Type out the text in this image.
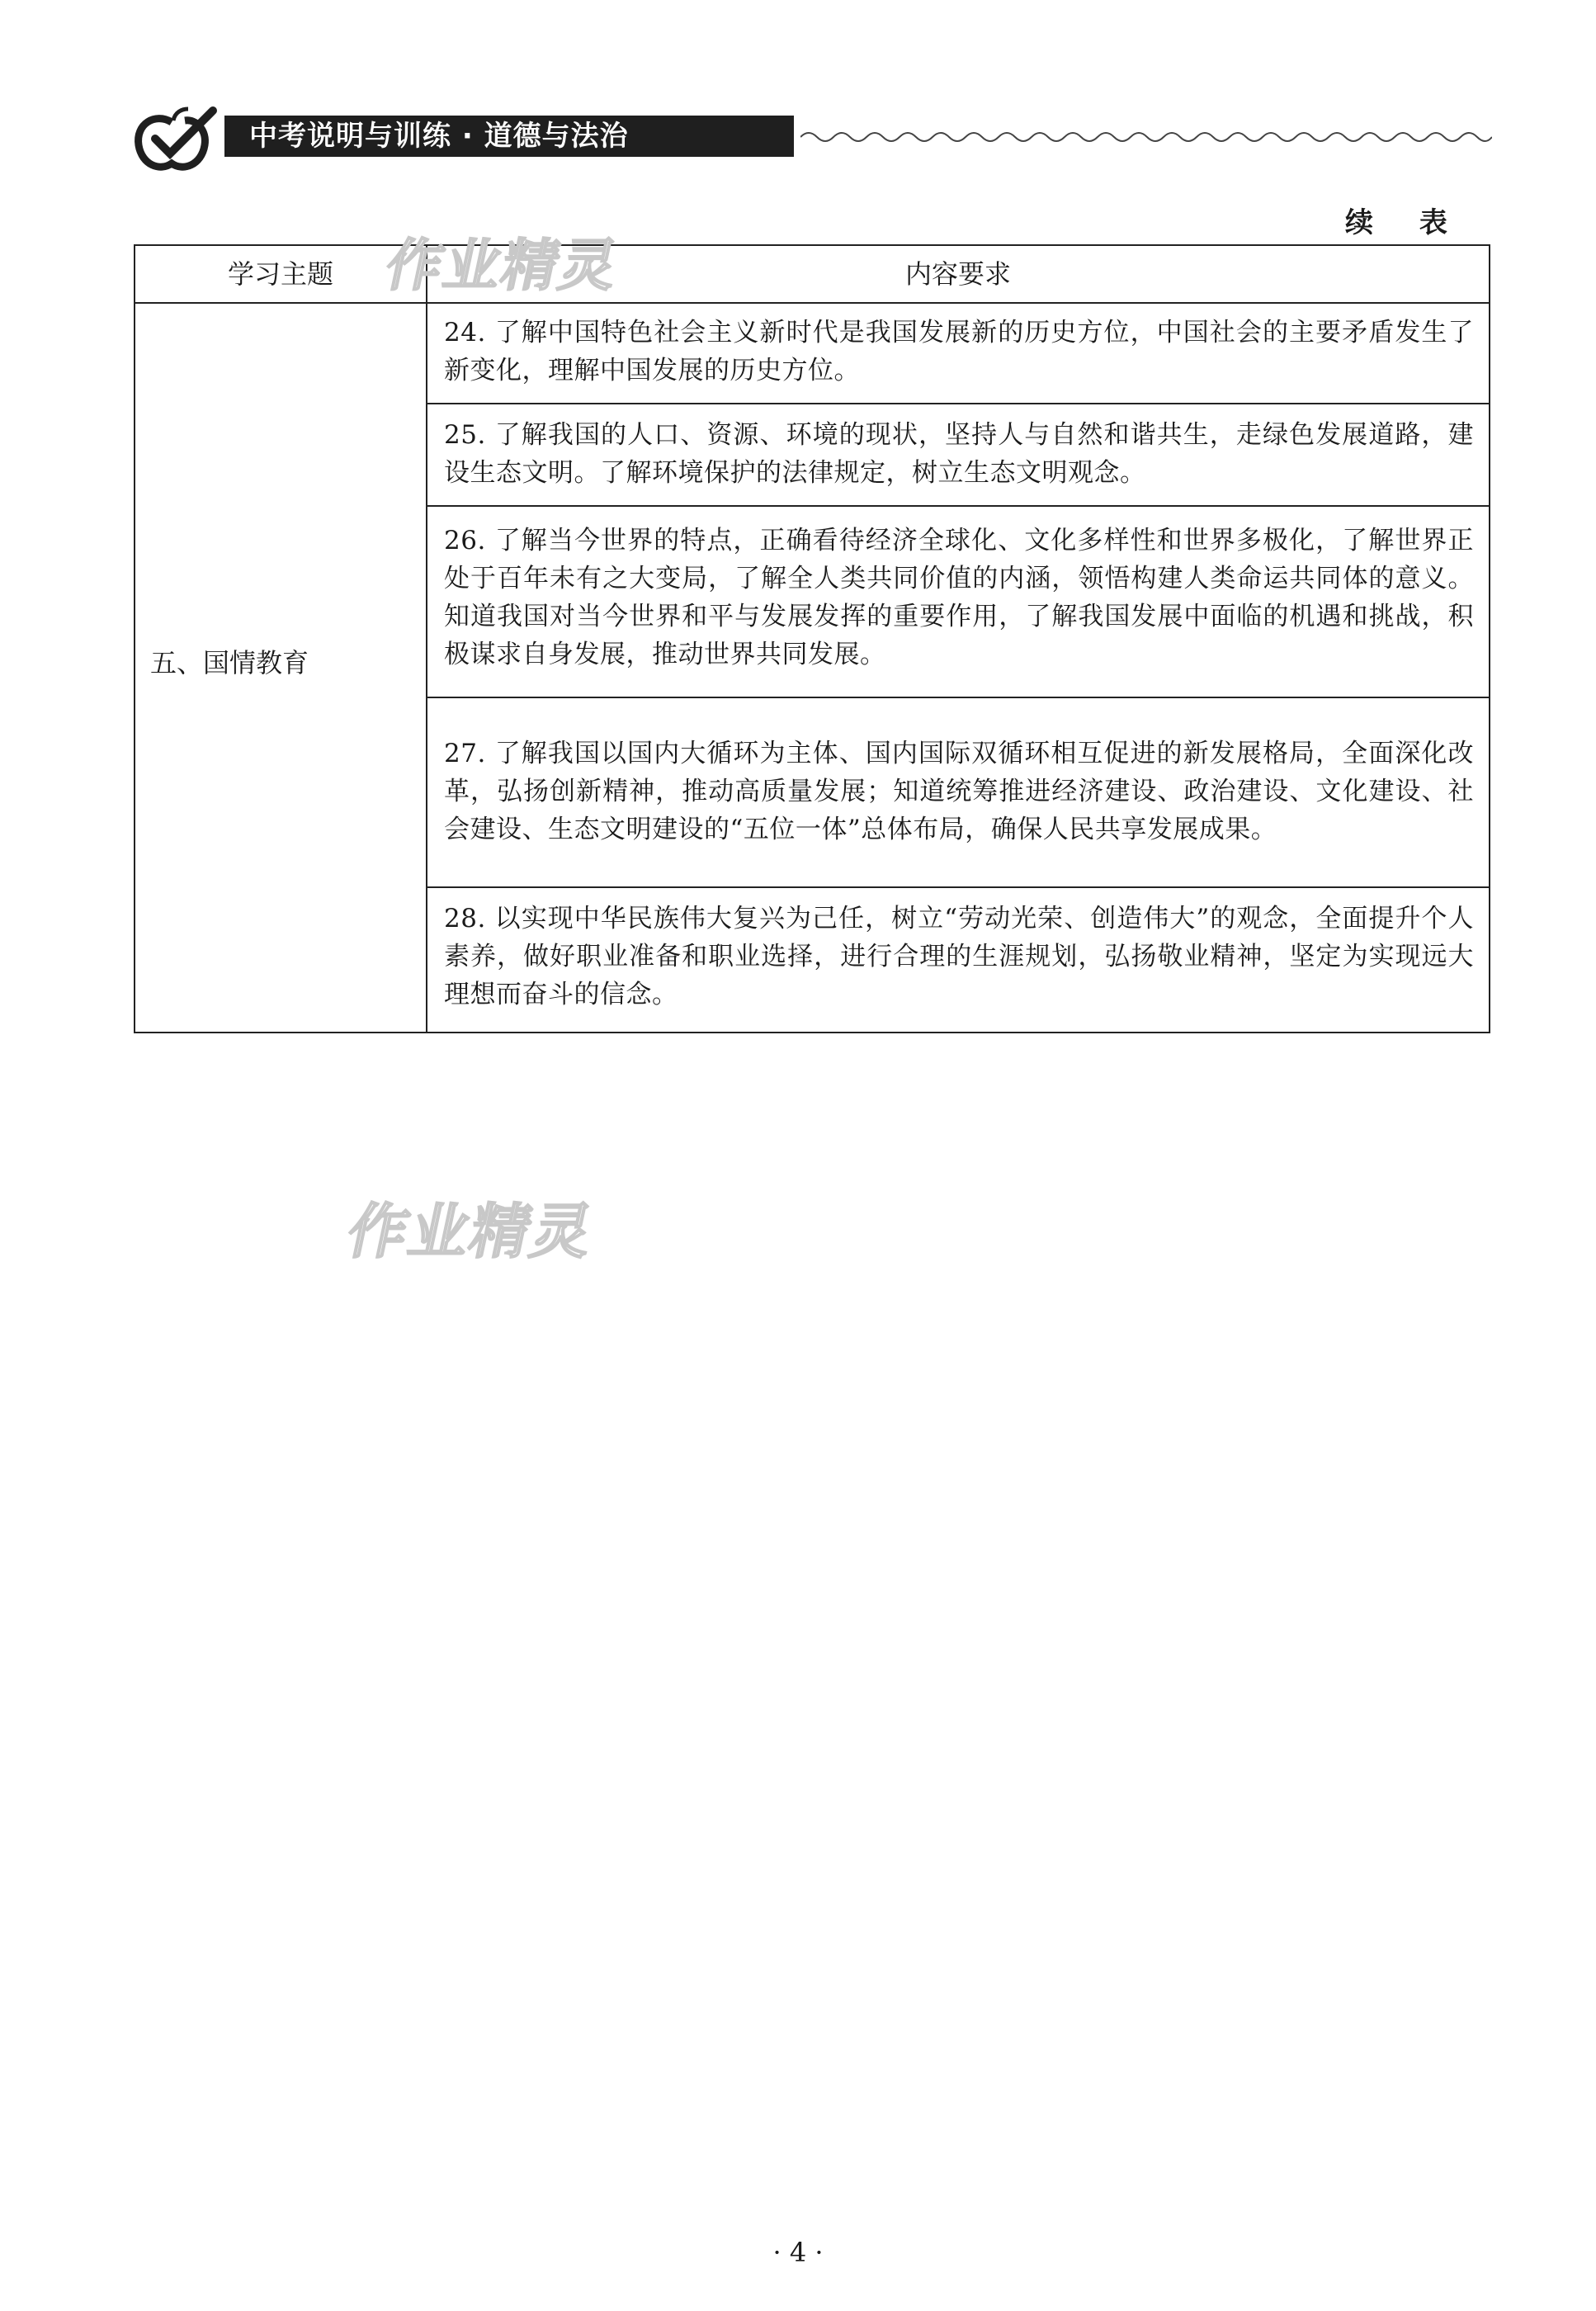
中考说明与训练 · 道德与法治
续 表
学习主题	内容要求
五、国情教育
24. 了解中国特色社会主义新时代是我国发展新的历史方位，中国社会的主要矛盾发生了新变化，理解中国发展的历史方位。
25. 了解我国的人口、资源、环境的现状，坚持人与自然和谐共生，走绿色发展道路，建设生态文明。了解环境保护的法律规定，树立生态文明观念。
26. 了解当今世界的特点，正确看待经济全球化、文化多样性和世界多极化，了解世界正处于百年未有之大变局，了解全人类共同价值的内涵，领悟构建人类命运共同体的意义。知道我国对当今世界和平与发展发挥的重要作用，了解我国发展中面临的机遇和挑战，积极谋求自身发展，推动世界共同发展。
27. 了解我国以国内大循环为主体、国内国际双循环相互促进的新发展格局，全面深化改革，弘扬创新精神，推动高质量发展；知道统筹推进经济建设、政治建设、文化建设、社会建设、生态文明建设的“五位一体”总体布局，确保人民共享发展成果。
28. 以实现中华民族伟大复兴为己任，树立“劳动光荣、创造伟大”的观念，全面提升个人素养，做好职业准备和职业选择，进行合理的生涯规划，弘扬敬业精神，坚定为实现远大理想而奋斗的信念。
作业精灵
作业精灵
· 4 ·
